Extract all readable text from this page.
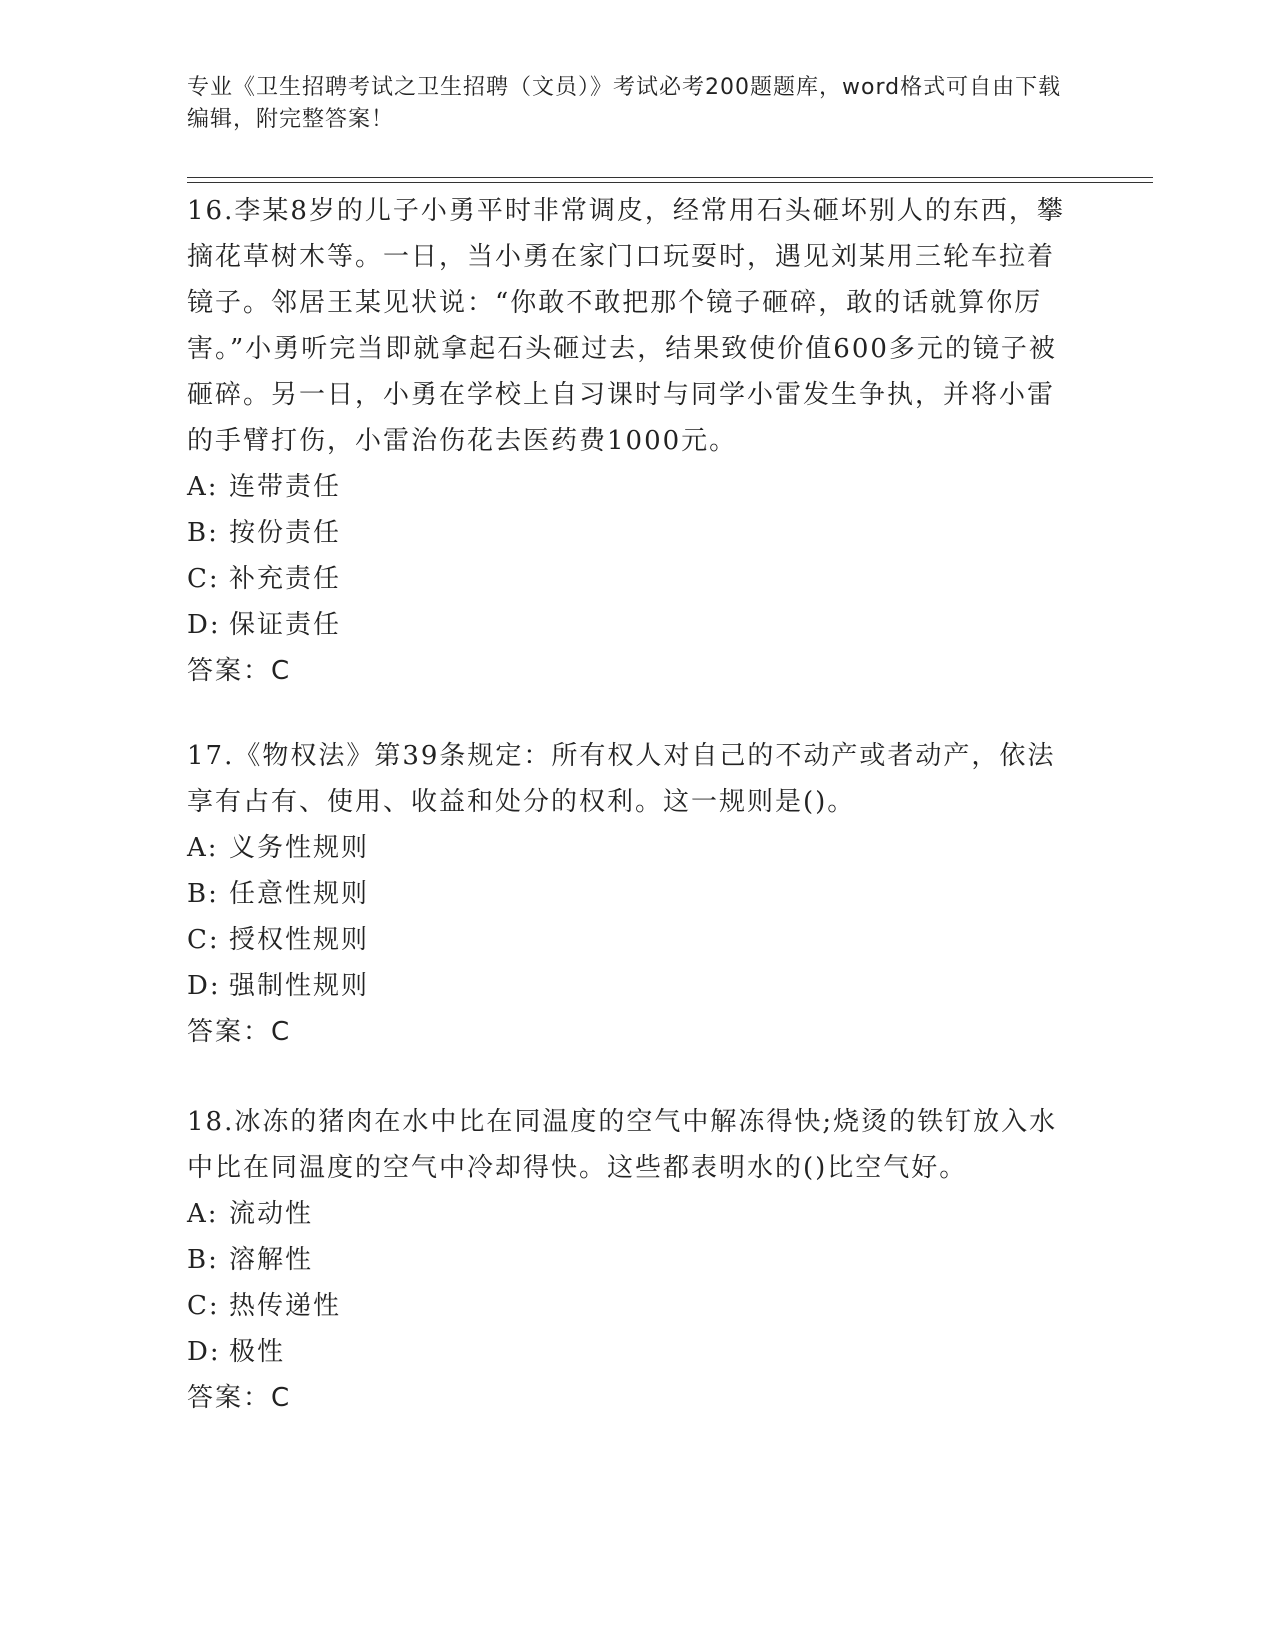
专业《卫生招聘考试之卫生招聘（文员）》考试必考200题题库，word格式可自由下载编辑，附完整答案！

16.李某8岁的儿子小勇平时非常调皮，经常用石头砸坏别人的东西，攀摘花草树木等。一日，当小勇在家门口玩耍时，遇见刘某用三轮车拉着镜子。邻居王某见状说：“你敢不敢把那个镜子砸碎，敢的话就算你厉害。”小勇听完当即就拿起石头砸过去，结果致使价值600多元的镜子被砸碎。另一日，小勇在学校上自习课时与同学小雷发生争执，并将小雷的手臂打伤，小雷治伤花去医药费1000元。

A: 连带责任

B: 按份责任

C: 补充责任

D: 保证责任

答案：C

17.《物权法》第39条规定：所有权人对自己的不动产或者动产，依法享有占有、使用、收益和处分的权利。这一规则是()。

A: 义务性规则

B: 任意性规则

C: 授权性规则

D: 强制性规则

答案：C

18.冰冻的猪肉在水中比在同温度的空气中解冻得快;烧烫的铁钉放入水中比在同温度的空气中冷却得快。这些都表明水的()比空气好。

A: 流动性

B: 溶解性

C: 热传递性

D: 极性

答案：C
